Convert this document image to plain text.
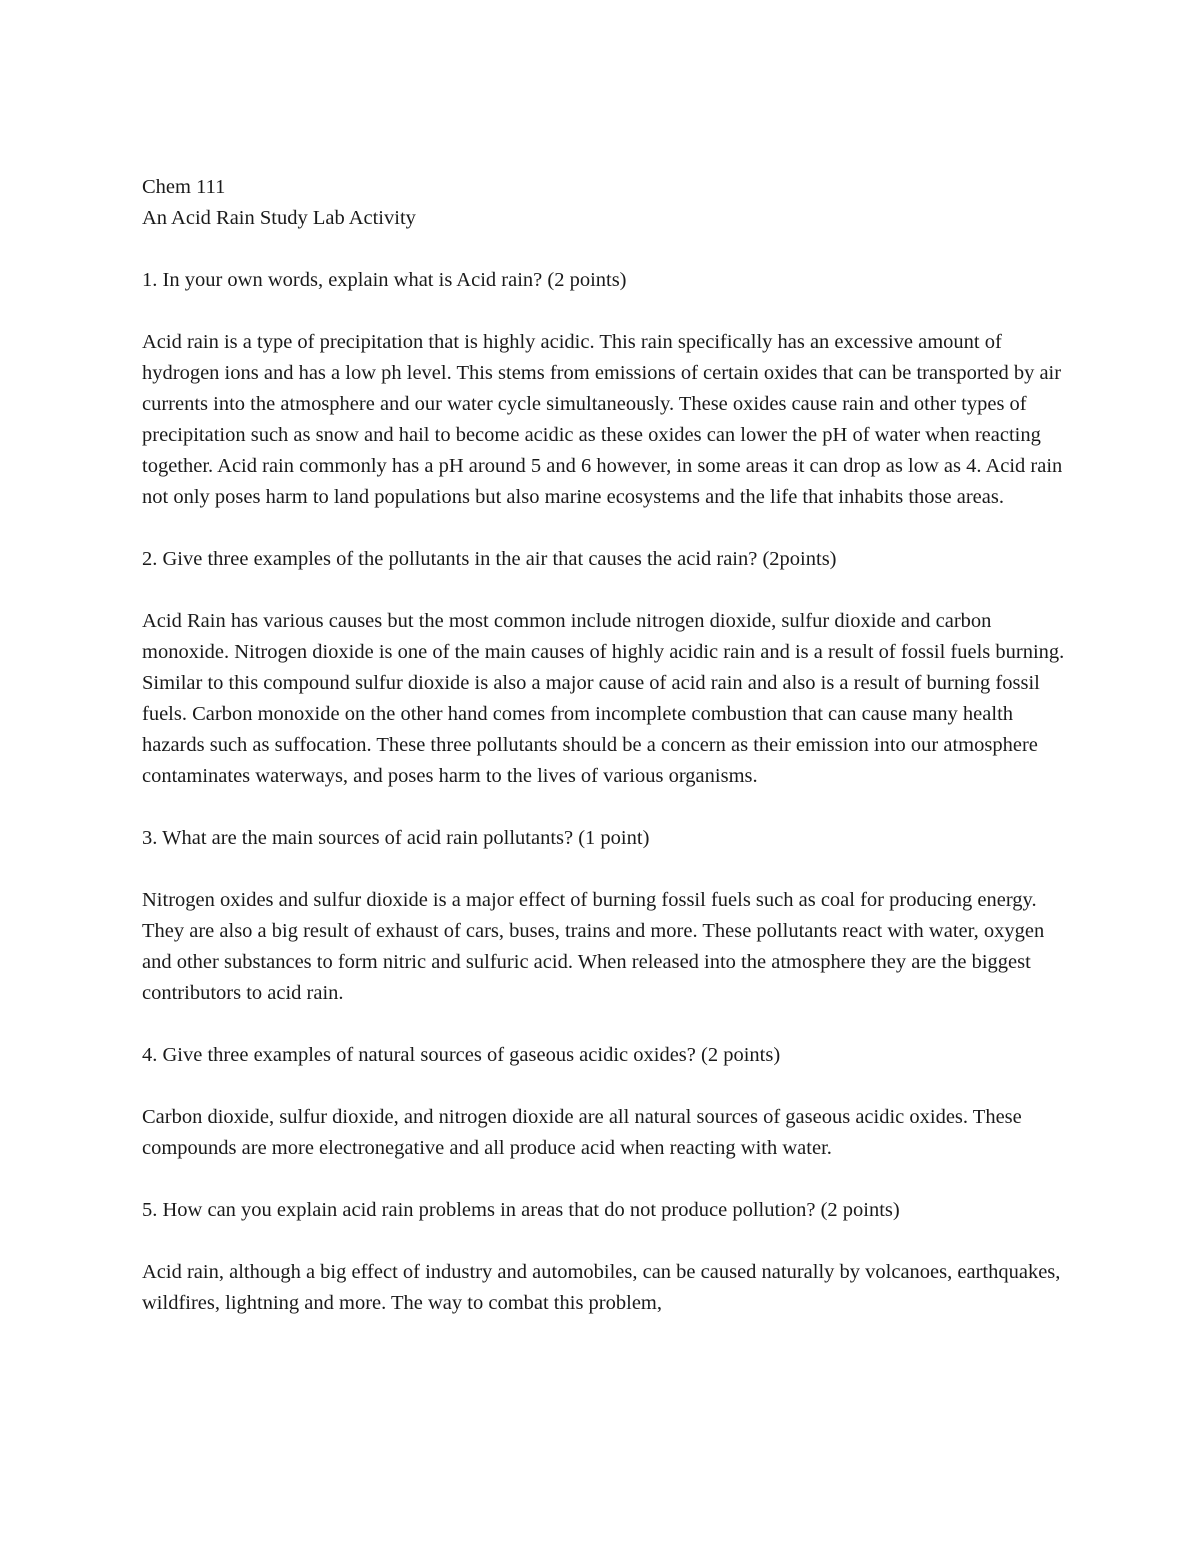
Chem 111
An Acid Rain Study Lab Activity

1. In your own words, explain what is Acid rain? (2 points)

Acid rain is a type of precipitation that is highly acidic. This rain specifically has an excessive amount of hydrogen ions and has a low ph level. This stems from emissions of certain oxides that can be transported by air currents into the atmosphere and our water cycle simultaneously. These oxides cause rain and other types of precipitation such as snow and hail to become acidic as these oxides can lower the pH of water when reacting together. Acid rain commonly has a pH around 5 and 6 however, in some areas it can drop as low as 4. Acid rain not only poses harm to land populations but also marine ecosystems and the life that inhabits those areas.

2. Give three examples of the pollutants in the air that causes the acid rain? (2points)

Acid Rain has various causes but the most common include nitrogen dioxide, sulfur dioxide and carbon monoxide. Nitrogen dioxide is one of the main causes of highly acidic rain and is a result of fossil fuels burning. Similar to this compound sulfur dioxide is also a major cause of acid rain and also is a result of burning fossil fuels. Carbon monoxide on the other hand comes from incomplete combustion that can cause many health hazards such as suffocation. These three pollutants should be a concern as their emission into our atmosphere contaminates waterways, and poses harm to the lives of various organisms.

3. What are the main sources of acid rain pollutants? (1 point)

Nitrogen oxides and sulfur dioxide is a major effect of burning fossil fuels such as coal for producing energy. They are also a big result of exhaust of cars, buses, trains and more. These pollutants react with water, oxygen and other substances to form nitric and sulfuric acid. When released into the atmosphere they are the biggest contributors to acid rain.

4. Give three examples of natural sources of gaseous acidic oxides? (2 points)

Carbon dioxide, sulfur dioxide, and nitrogen dioxide are all natural sources of gaseous acidic oxides. These compounds are more electronegative and all produce acid when reacting with water.

5. How can you explain acid rain problems in areas that do not produce pollution? (2 points)

Acid rain, although a big effect of industry and automobiles, can be caused naturally by volcanoes, earthquakes, wildfires, lightning and more. The way to combat this problem,
